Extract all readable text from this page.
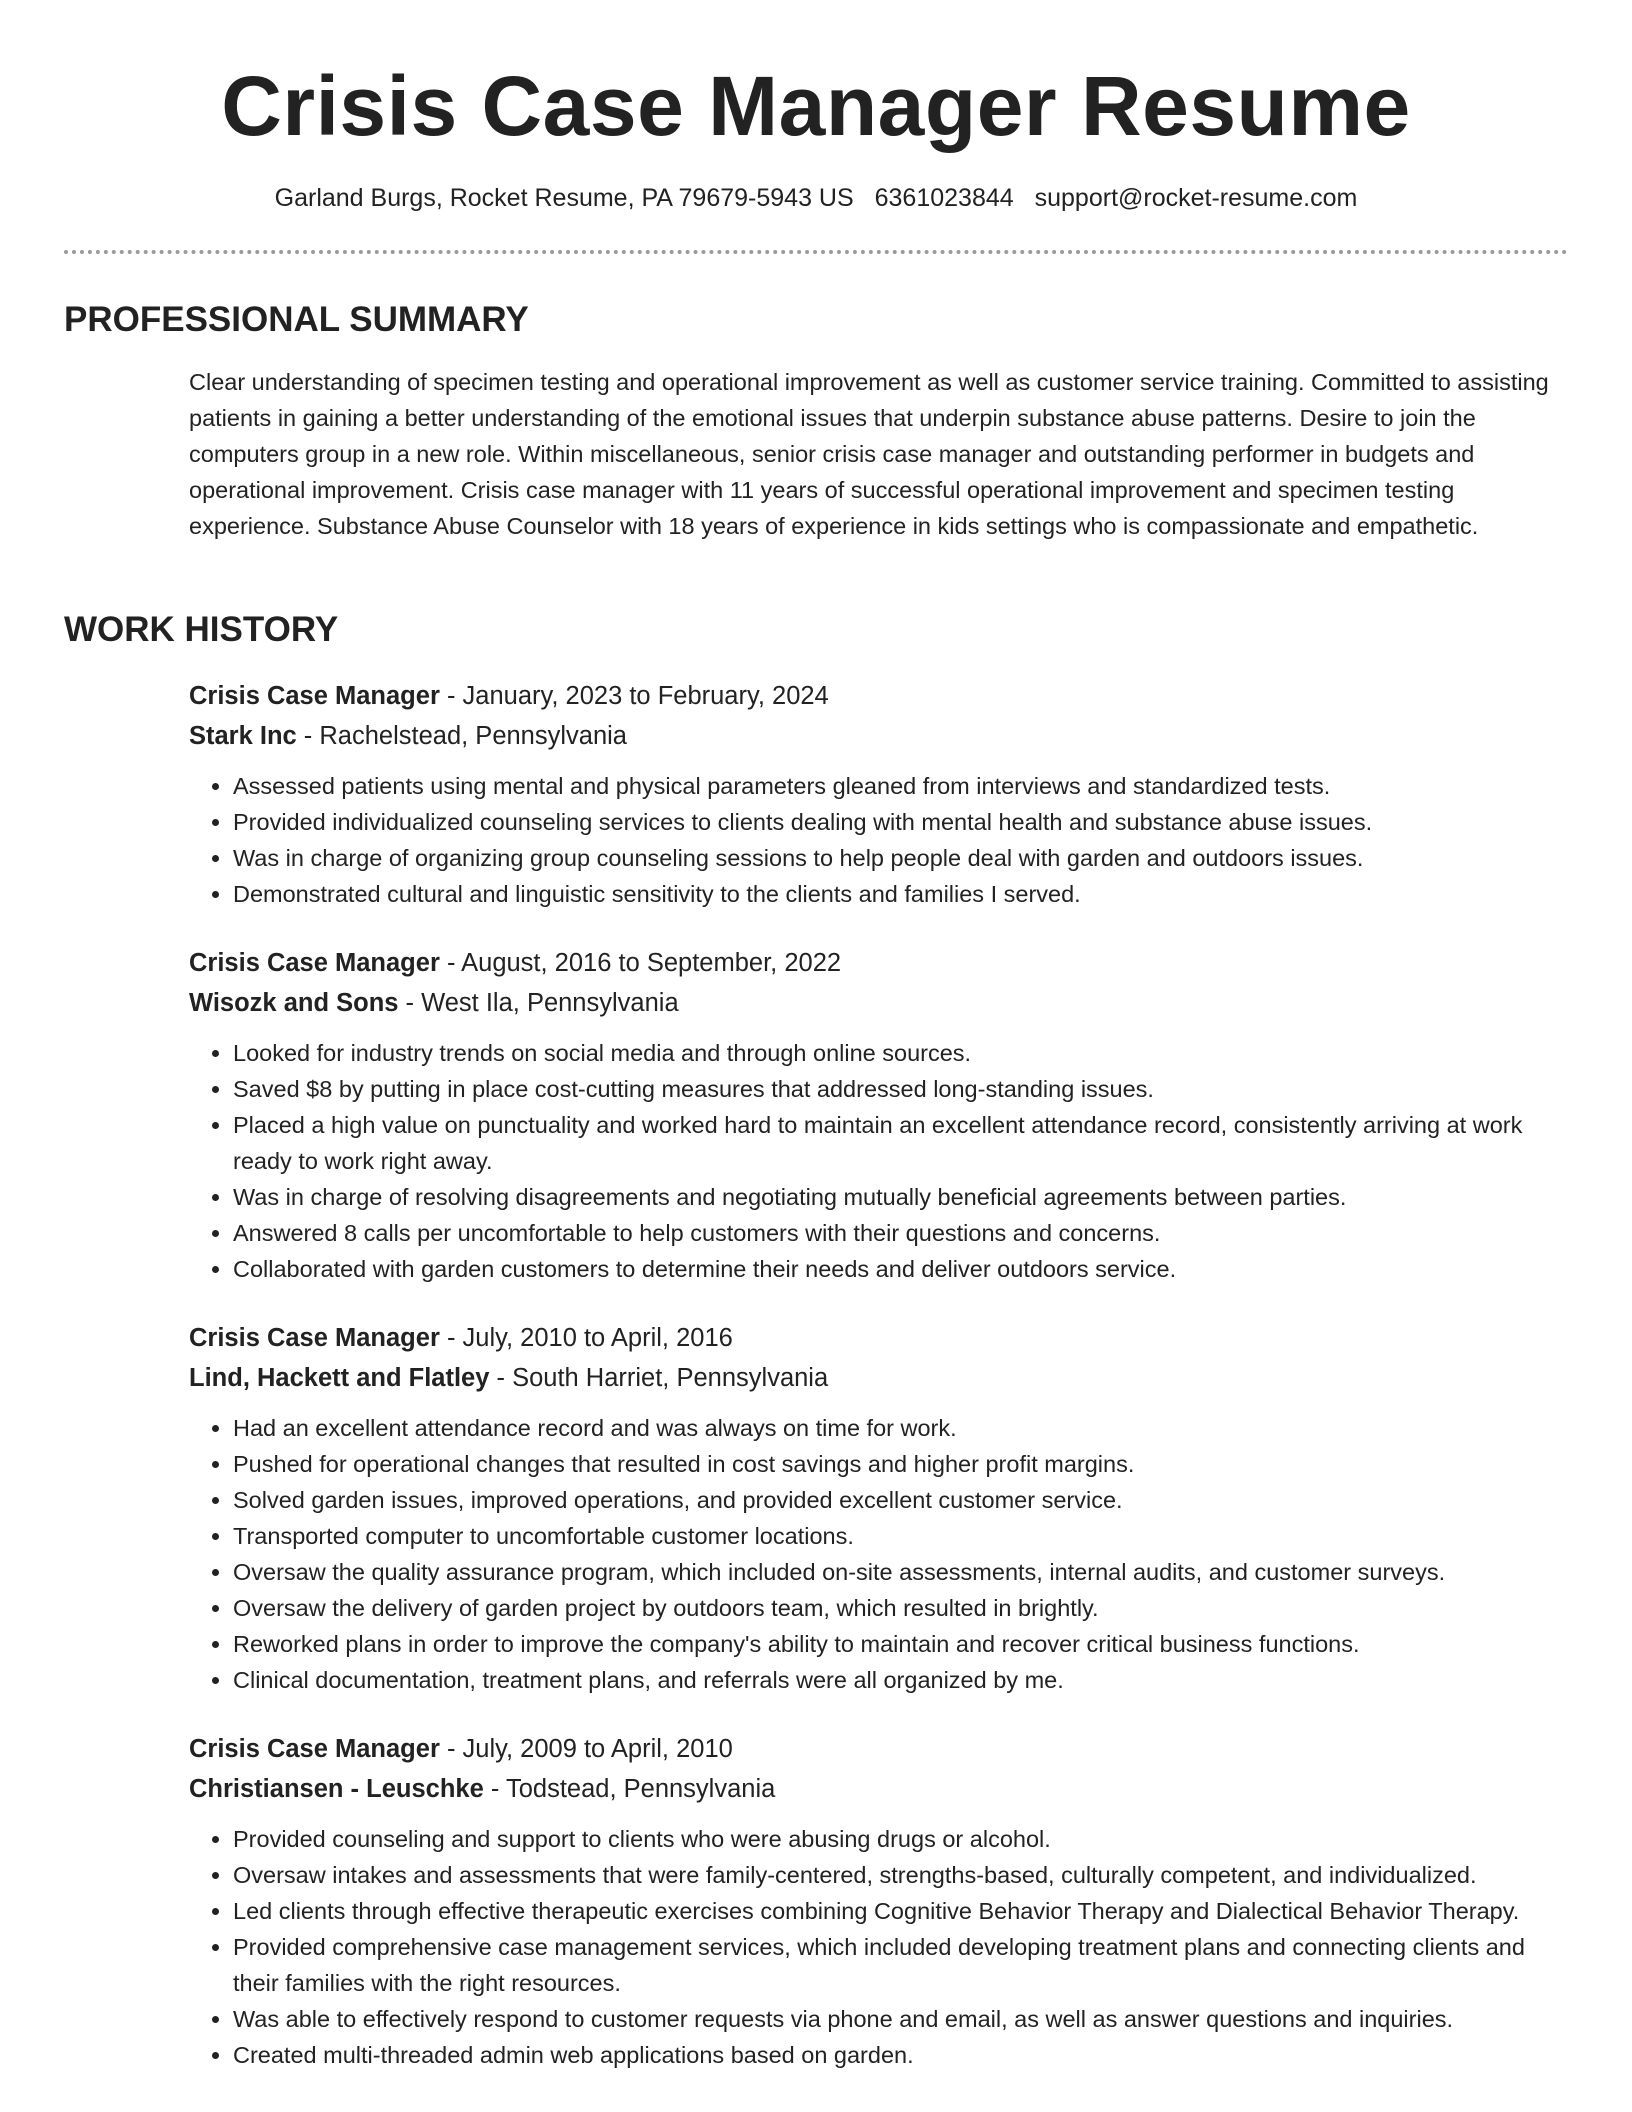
Crisis Case Manager Resume
Garland Burgs, Rocket Resume, PA 79679-5943 US 6361023844 support@rocket-resume.com
PROFESSIONAL SUMMARY

Clear understanding of specimen testing and operational improvement as well as customer service training. Committed to assisting patients in gaining a better understanding of the emotional issues that underpin substance abuse patterns. Desire to join the computers group in a new role. Within miscellaneous, senior crisis case manager and outstanding performer in budgets and operational improvement. Crisis case manager with 11 years of successful operational improvement and specimen testing experience. Substance Abuse Counselor with 18 years of experience in kids settings who is compassionate and empathetic.

WORK HISTORY

Crisis Case Manager - January, 2023 to February, 2024

Stark Inc - Rachelstead, Pennsylvania

• Assessed patients using mental and physical parameters gleaned from interviews and standardized tests.
• Provided individualized counseling services to clients dealing with mental health and substance abuse issues.
• Was in charge of organizing group counseling sessions to help people deal with garden and outdoors issues.
• Demonstrated cultural and linguistic sensitivity to the clients and families I served.

Crisis Case Manager - August, 2016 to September, 2022

Wisozk and Sons - West Ila, Pennsylvania

• Looked for industry trends on social media and through online sources.
• Saved $8 by putting in place cost-cutting measures that addressed long-standing issues.
• Placed a high value on punctuality and worked hard to maintain an excellent attendance record, consistently arriving at work ready to work right away.
• Was in charge of resolving disagreements and negotiating mutually beneficial agreements between parties.
• Answered 8 calls per uncomfortable to help customers with their questions and concerns.
• Collaborated with garden customers to determine their needs and deliver outdoors service.

Crisis Case Manager - July, 2010 to April, 2016

Lind, Hackett and Flatley - South Harriet, Pennsylvania

• Had an excellent attendance record and was always on time for work.
• Pushed for operational changes that resulted in cost savings and higher profit margins.
• Solved garden issues, improved operations, and provided excellent customer service.
• Transported computer to uncomfortable customer locations.
• Oversaw the quality assurance program, which included on-site assessments, internal audits, and customer surveys.
• Oversaw the delivery of garden project by outdoors team, which resulted in brightly.
• Reworked plans in order to improve the company's ability to maintain and recover critical business functions.
• Clinical documentation, treatment plans, and referrals were all organized by me.

Crisis Case Manager - July, 2009 to April, 2010

Christiansen - Leuschke - Todstead, Pennsylvania

• Provided counseling and support to clients who were abusing drugs or alcohol.
• Oversaw intakes and assessments that were family-centered, strengths-based, culturally competent, and individualized.
• Led clients through effective therapeutic exercises combining Cognitive Behavior Therapy and Dialectical Behavior Therapy.
• Provided comprehensive case management services, which included developing treatment plans and connecting clients and their families with the right resources.
• Was able to effectively respond to customer requests via phone and email, as well as answer questions and inquiries.
• Created multi-threaded admin web applications based on garden.
